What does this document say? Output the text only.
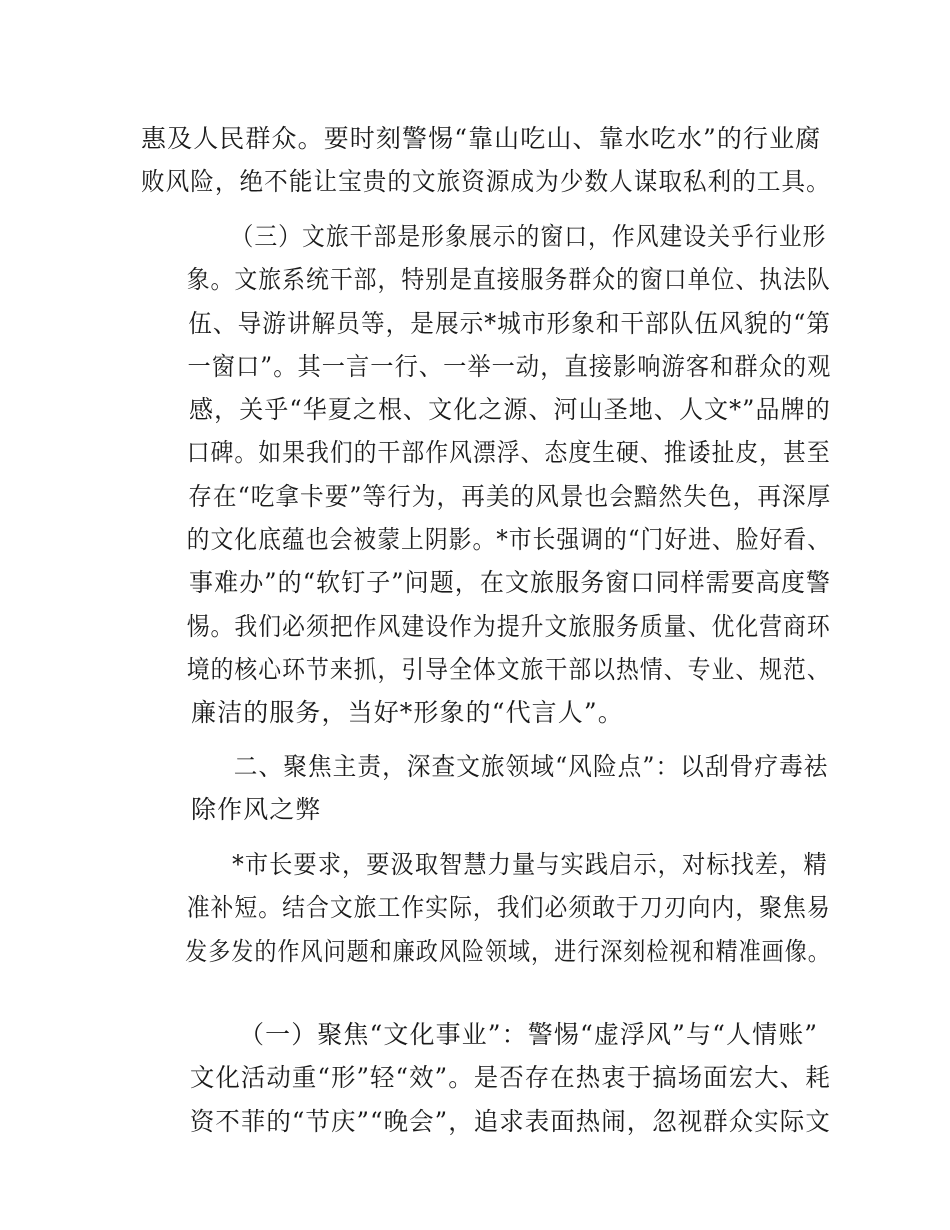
惠及人民群众。要时刻警惕“靠山吃山、靠水吃水”的行业腐
败风险，绝不能让宝贵的文旅资源成为少数人谋取私利的工具。
（三）文旅干部是形象展示的窗口，作风建设关乎行业形
象。文旅系统干部，特别是直接服务群众的窗口单位、执法队
伍、导游讲解员等，是展示*城市形象和干部队伍风貌的“第
一窗口”。其一言一行、一举一动，直接影响游客和群众的观
感，关乎“华夏之根、文化之源、河山圣地、人文*”品牌的
口碑。如果我们的干部作风漂浮、态度生硬、推诿扯皮，甚至
存在“吃拿卡要”等行为，再美的风景也会黯然失色，再深厚
的文化底蕴也会被蒙上阴影。*市长强调的“门好进、脸好看、
事难办”的“软钉子”问题，在文旅服务窗口同样需要高度警
惕。我们必须把作风建设作为提升文旅服务质量、优化营商环
境的核心环节来抓，引导全体文旅干部以热情、专业、规范、
廉洁的服务，当好*形象的“代言人”。
二、聚焦主责，深查文旅领域“风险点”：以刮骨疗毒祛
除作风之弊
*市长要求，要汲取智慧力量与实践启示，对标找差，精
准补短。结合文旅工作实际，我们必须敢于刀刃向内，聚焦易
发多发的作风问题和廉政风险领域，进行深刻检视和精准画像。
（一）聚焦“文化事业”：警惕“虚浮风”与“人情账”
文化活动重“形”轻“效”。是否存在热衷于搞场面宏大、耗
资不菲的“节庆”“晚会”，追求表面热闹，忽视群众实际文
